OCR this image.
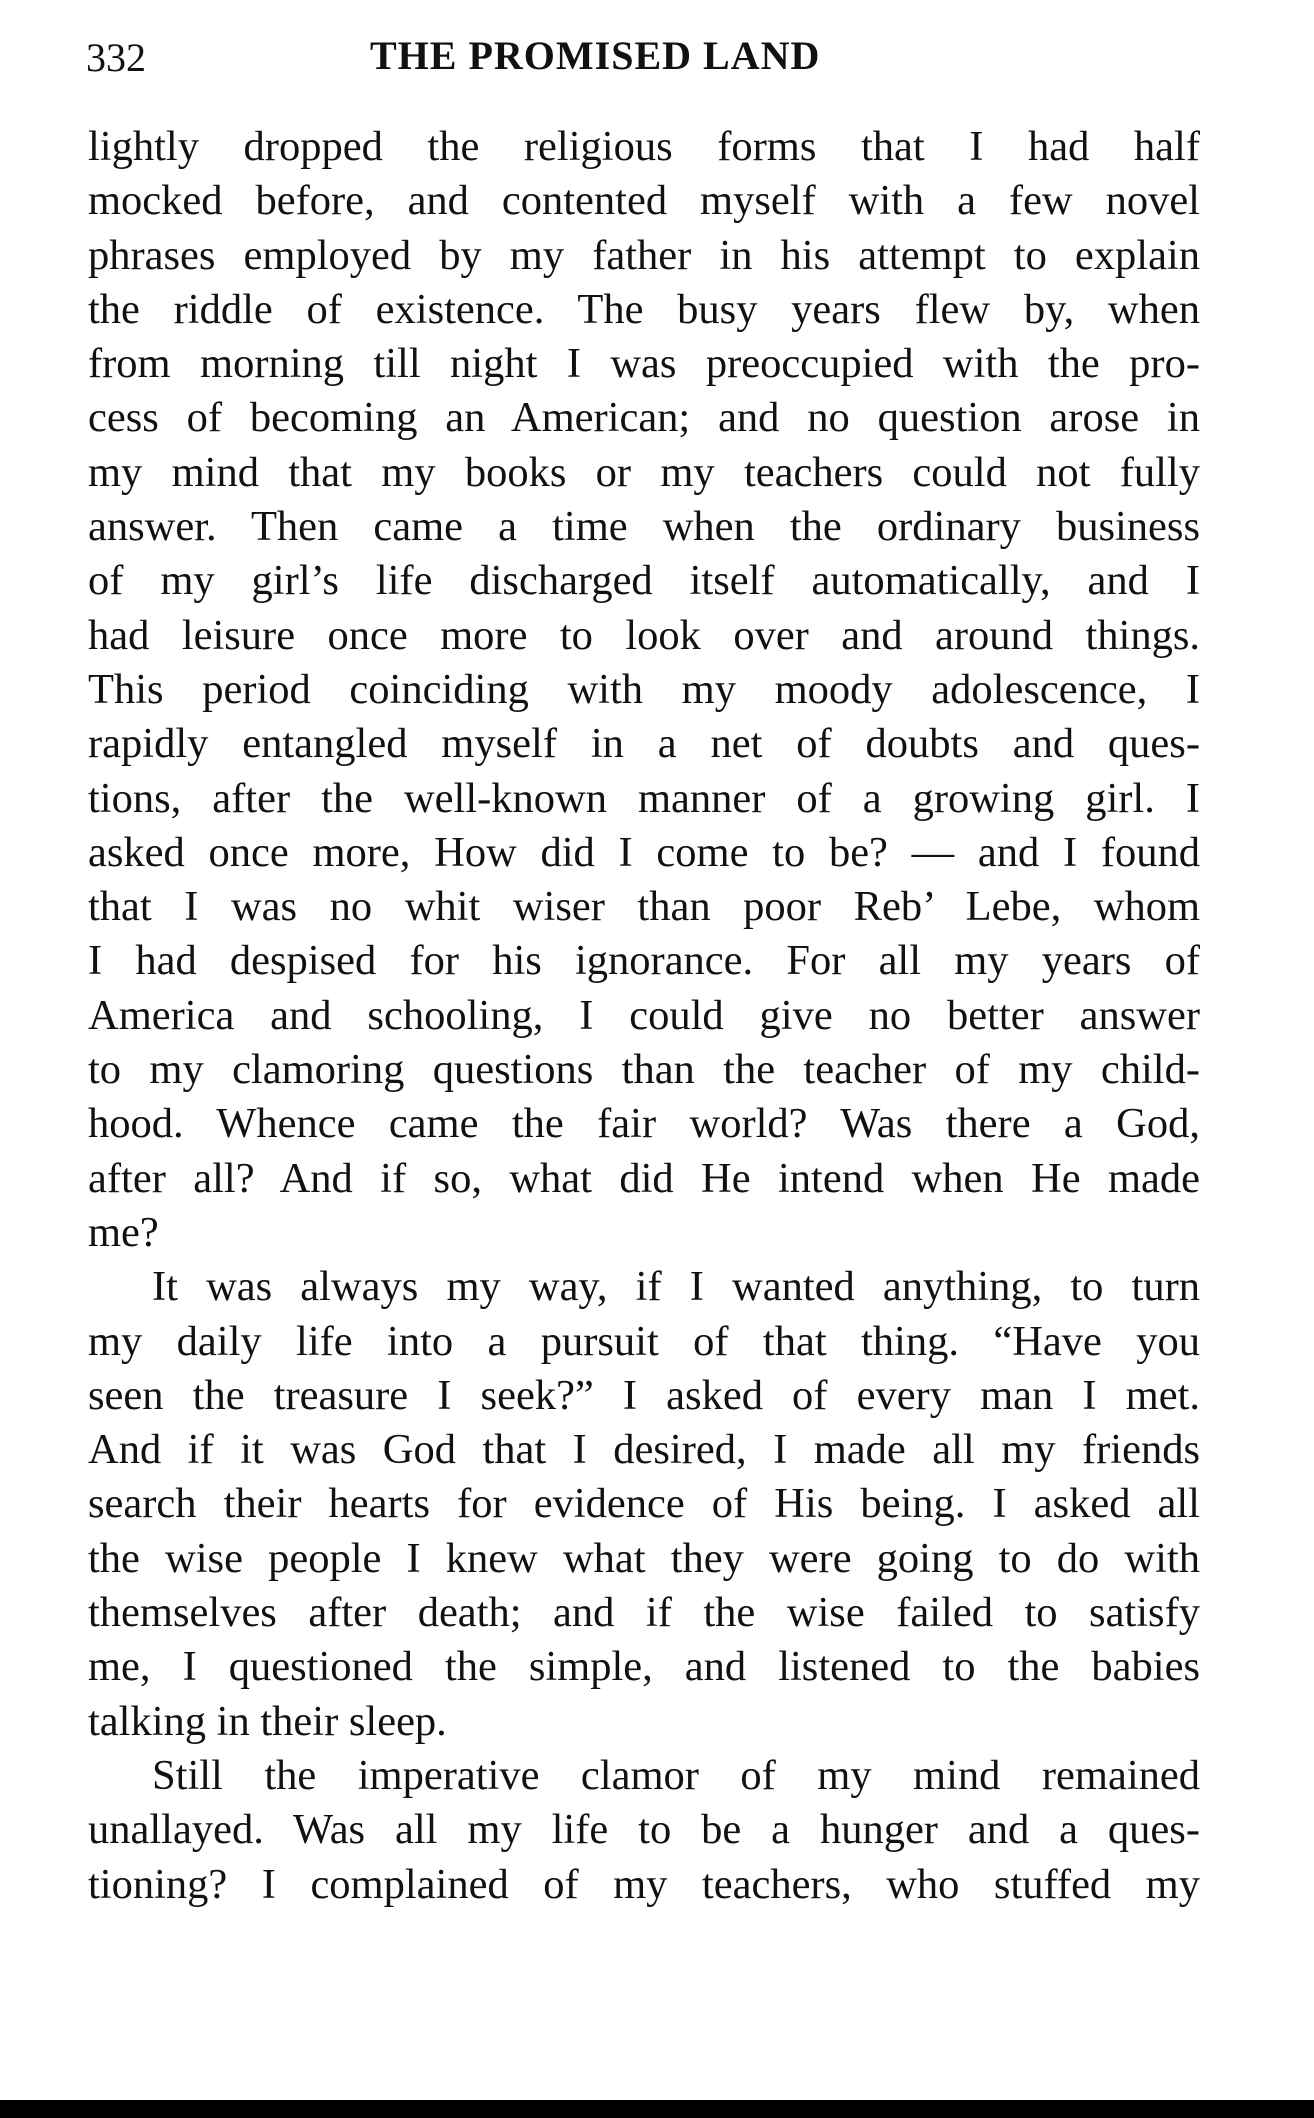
332	THE PROMISED LAND
lightly dropped the religious forms that I had half
mocked before, and contented myself with a few novel
phrases employed by my father in his attempt to explain
the riddle of existence. The busy years flew by, when
from morning till night I was preoccupied with the pro-
cess of becoming an American; and no question arose in
my mind that my books or my teachers could not fully
answer. Then came a time when the ordinary business
of my girl’s life discharged itself automatically, and I
had leisure once more to look over and around things.
This period coinciding with my moody adolescence, I
rapidly entangled myself in a net of doubts and ques-
tions, after the well-known manner of a growing girl. I
asked once more, How did I come to be? — and I found
that I was no whit wiser than poor Reb’ Lebe, whom
I had despised for his ignorance. For all my years of
America and schooling, I could give no better answer
to my clamoring questions than the teacher of my child-
hood. Whence came the fair world? Was there a God,
after all? And if so, what did He intend when He made
me?
It was always my way, if I wanted anything, to turn
my daily life into a pursuit of that thing. “Have you
seen the treasure I seek?” I asked of every man I met.
And if it was God that I desired, I made all my friends
search their hearts for evidence of His being. I asked all
the wise people I knew what they were going to do with
themselves after death; and if the wise failed to satisfy
me, I questioned the simple, and listened to the babies
talking in their sleep.
Still the imperative clamor of my mind remained
unallayed. Was all my life to be a hunger and a ques-
tioning? I complained of my teachers, who stuffed my
